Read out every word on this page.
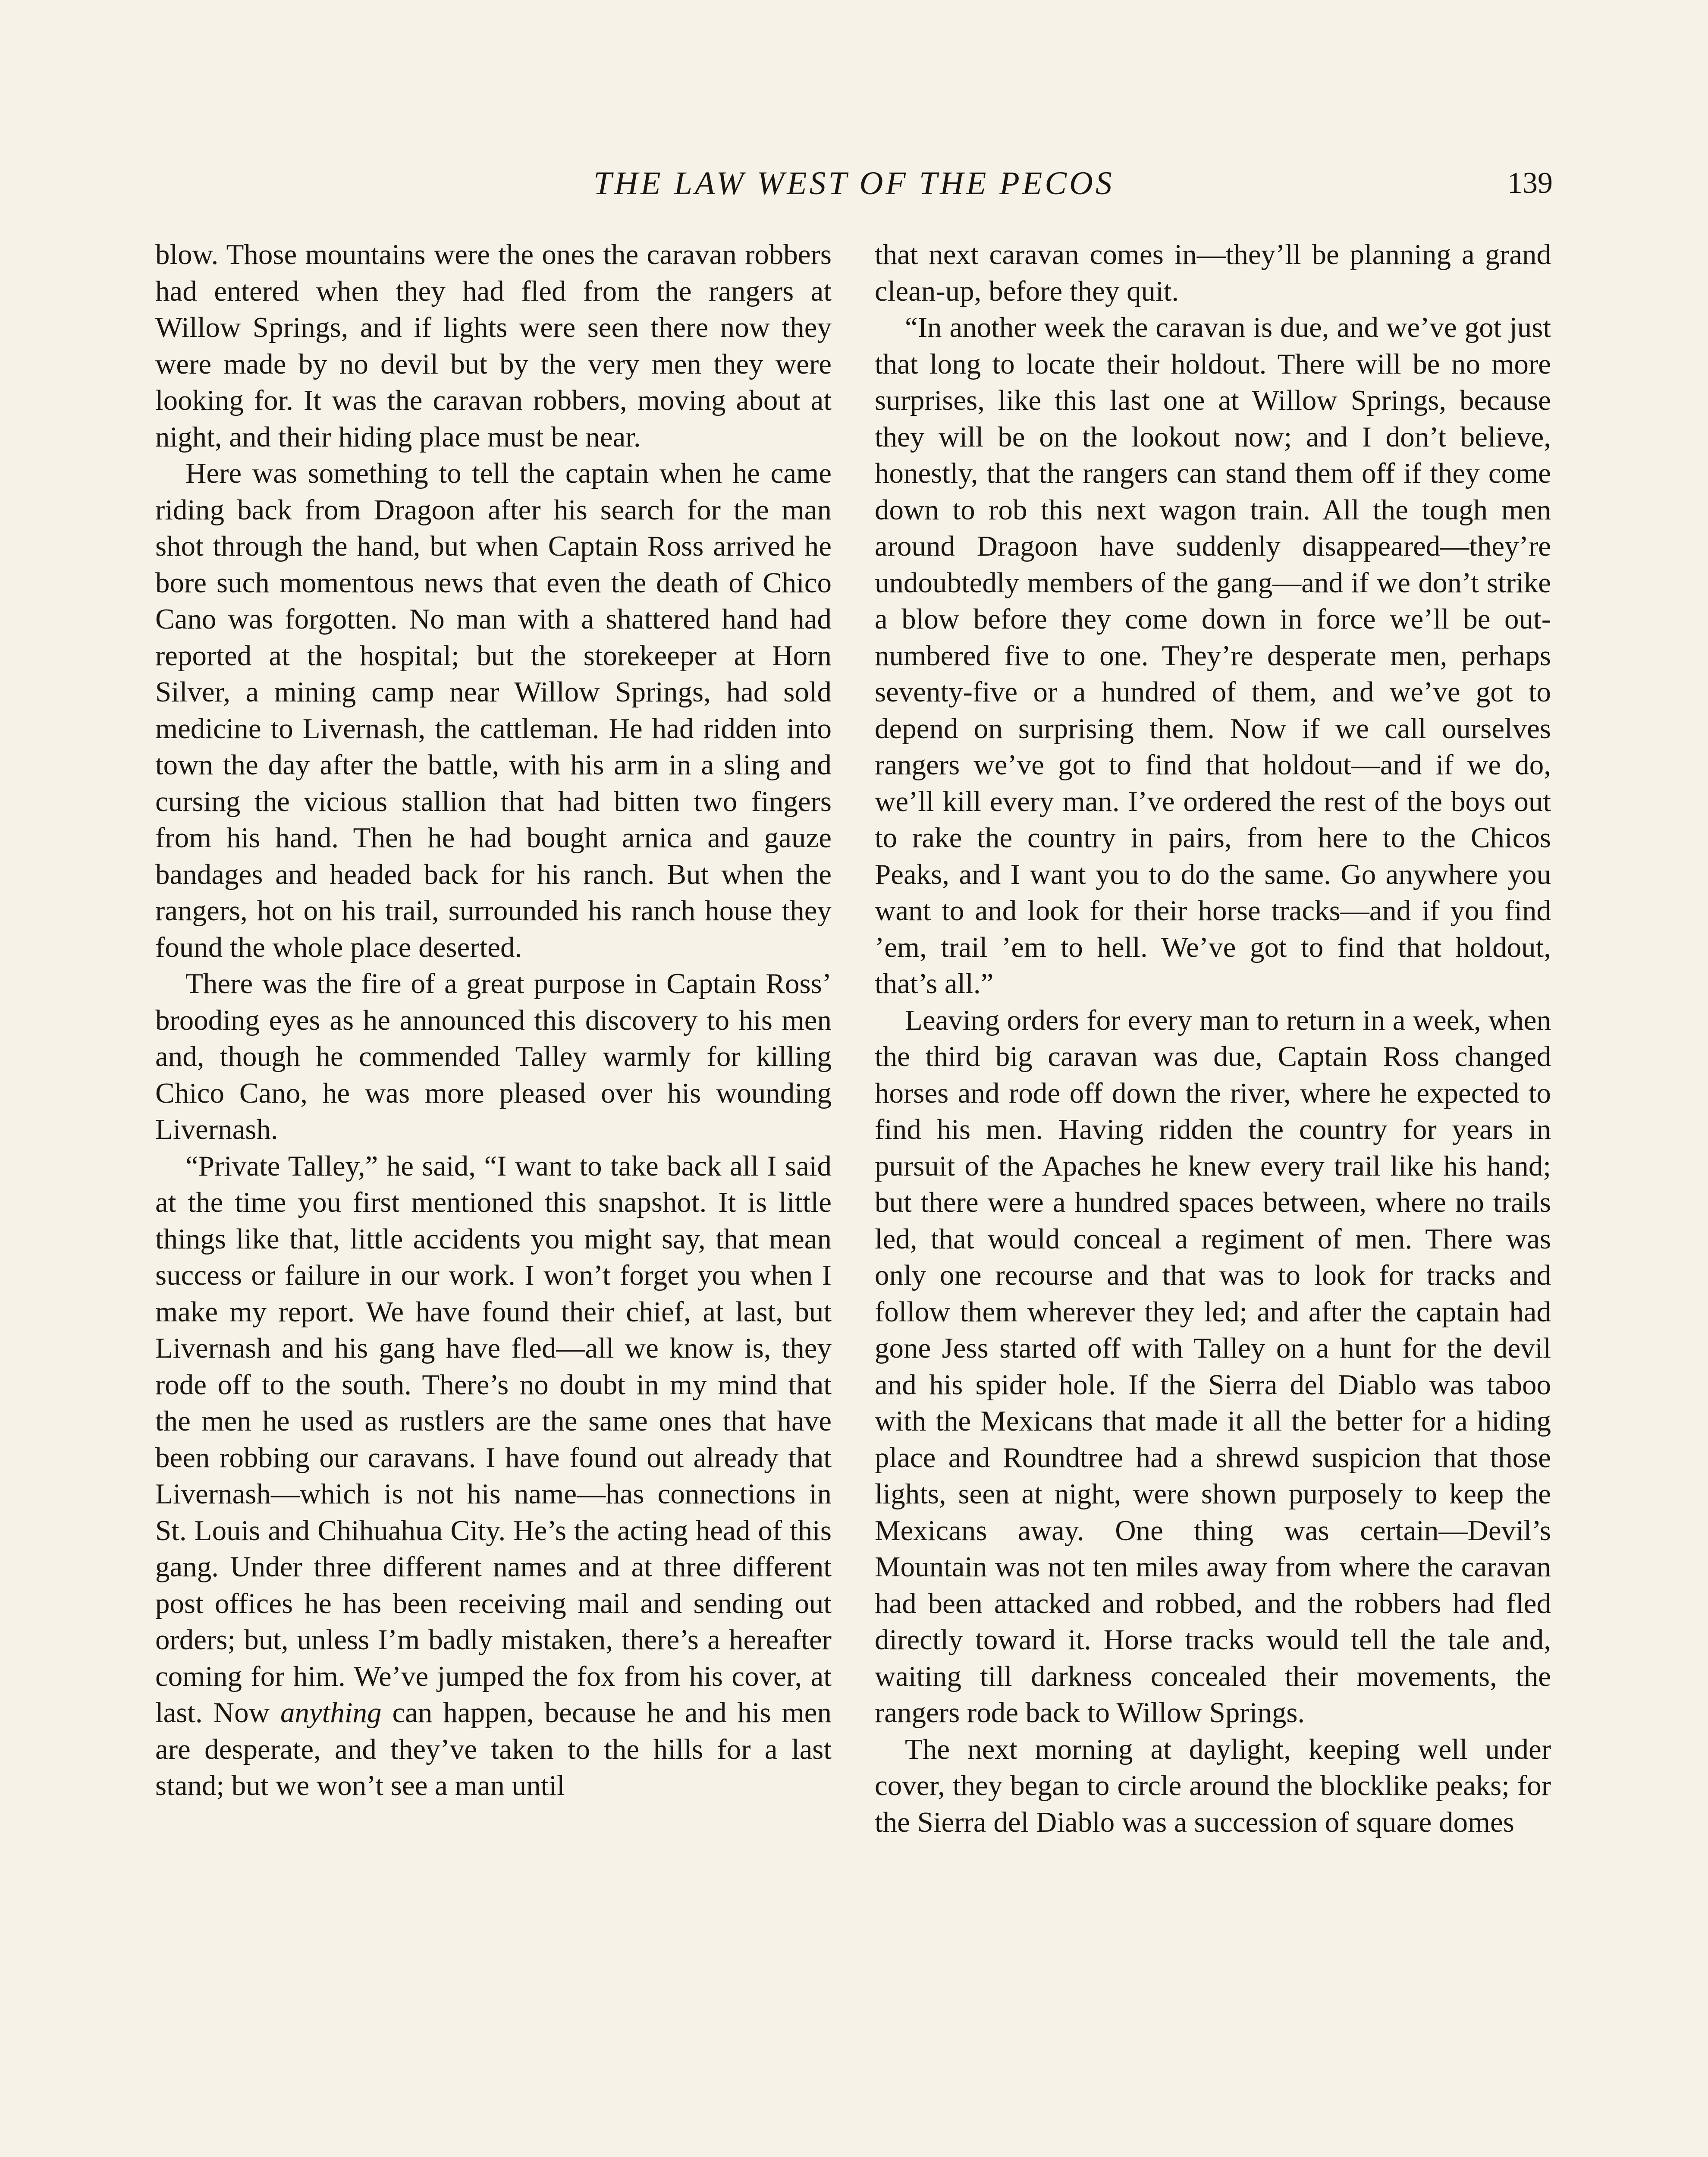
THE LAW WEST OF THE PECOS	139

blow. Those mountains were the ones the caravan robbers had entered when they had fled from the rangers at Willow Springs, and if lights were seen there now they were made by no devil but by the very men they were looking for. It was the caravan robbers, moving about at night, and their hiding place must be near.

Here was something to tell the captain when he came riding back from Dragoon after his search for the man shot through the hand, but when Captain Ross arrived he bore such momentous news that even the death of Chico Cano was forgotten. No man with a shattered hand had reported at the hospital; but the storekeeper at Horn Silver, a mining camp near Willow Springs, had sold medicine to Livernash, the cattleman. He had ridden into town the day after the battle, with his arm in a sling and cursing the vicious stallion that had bitten two fingers from his hand. Then he had bought arnica and gauze bandages and headed back for his ranch. But when the rangers, hot on his trail, surrounded his ranch house they found the whole place deserted.

There was the fire of a great purpose in Captain Ross’ brooding eyes as he announced this discovery to his men and, though he commended Talley warmly for killing Chico Cano, he was more pleased over his wounding Livernash.

“Private Talley,” he said, “I want to take back all I said at the time you first mentioned this snapshot. It is little things like that, little accidents you might say, that mean success or failure in our work. I won’t forget you when I make my report. We have found their chief, at last, but Livernash and his gang have fled—all we know is, they rode off to the south. There’s no doubt in my mind that the men he used as rustlers are the same ones that have been robbing our caravans. I have found out already that Livernash—which is not his name—has connections in St. Louis and Chihuahua City. He’s the acting head of this gang. Under three different names and at three different post offices he has been receiving mail and sending out orders; but, unless I’m badly mistaken, there’s a hereafter coming for him. We’ve jumped the fox from his cover, at last. Now anything can happen, because he and his men are desperate, and they’ve taken to the hills for a last stand; but we won’t see a man until

that next caravan comes in—they’ll be planning a grand clean-up, before they quit.

“In another week the caravan is due, and we’ve got just that long to locate their holdout. There will be no more surprises, like this last one at Willow Springs, because they will be on the lookout now; and I don’t believe, honestly, that the rangers can stand them off if they come down to rob this next wagon train. All the tough men around Dragoon have suddenly disappeared—they’re undoubtedly members of the gang—and if we don’t strike a blow before they come down in force we’ll be outnumbered five to one. They’re desperate men, perhaps seventy-five or a hundred of them, and we’ve got to depend on surprising them. Now if we call ourselves rangers we’ve got to find that holdout—and if we do, we’ll kill every man. I’ve ordered the rest of the boys out to rake the country in pairs, from here to the Chicos Peaks, and I want you to do the same. Go anywhere you want to and look for their horse tracks—and if you find ’em, trail ’em to hell. We’ve got to find that holdout, that’s all.”

Leaving orders for every man to return in a week, when the third big caravan was due, Captain Ross changed horses and rode off down the river, where he expected to find his men. Having ridden the country for years in pursuit of the Apaches he knew every trail like his hand; but there were a hundred spaces between, where no trails led, that would conceal a regiment of men. There was only one recourse and that was to look for tracks and follow them wherever they led; and after the captain had gone Jess started off with Talley on a hunt for the devil and his spider hole. If the Sierra del Diablo was taboo with the Mexicans that made it all the better for a hiding place and Roundtree had a shrewd suspicion that those lights, seen at night, were shown purposely to keep the Mexicans away. One thing was certain—Devil’s Mountain was not ten miles away from where the caravan had been attacked and robbed, and the robbers had fled directly toward it. Horse tracks would tell the tale and, waiting till darkness concealed their movements, the rangers rode back to Willow Springs.

The next morning at daylight, keeping well under cover, they began to circle around the blocklike peaks; for the Sierra del Diablo was a succession of square domes
